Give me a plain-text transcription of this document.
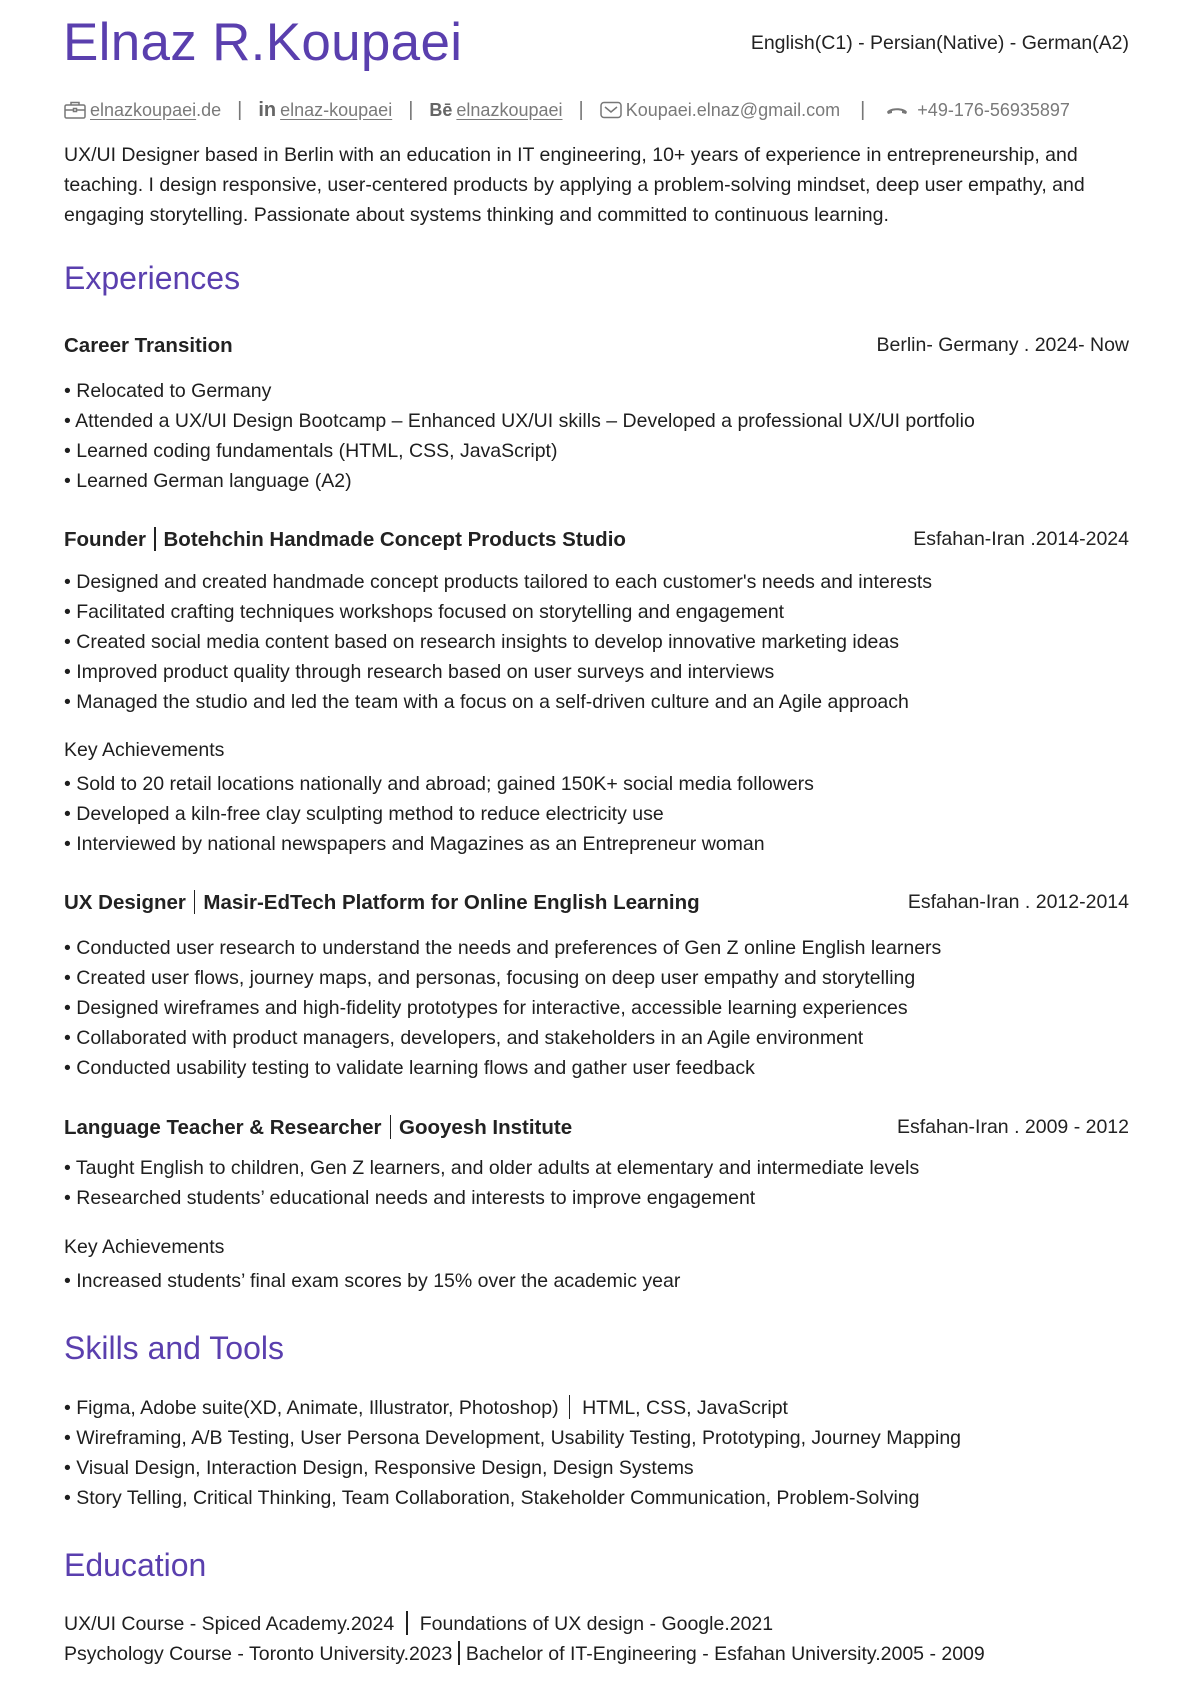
Elnaz R.Koupaei	English(C1) - Persian(Native) - German(A2)
elnazkoupaei.de | in elnaz-koupaei | Bē elnazkoupaei | Koupaei.elnaz@gmail.com |	+49-176-56935897
UX/UI Designer based in Berlin with an education in IT engineering, 10+ years of experience in entrepreneurship, and teaching. I design responsive, user-centered products by applying a problem-solving mindset, deep user empathy, and engaging storytelling. Passionate about systems thinking and committed to continuous learning.
Experiences
Career Transition	Berlin- Germany . 2024- Now
• Relocated to Germany
• Attended a UX/UI Design Bootcamp – Enhanced UX/UI skills – Developed a professional UX/UI portfolio
• Learned coding fundamentals (HTML, CSS, JavaScript)
• Learned German language (A2)
Founder Botehchin Handmade Concept Products Studio	Esfahan-Iran .2014-2024
• Designed and created handmade concept products tailored to each customer's needs and interests
• Facilitated crafting techniques workshops focused on storytelling and engagement
• Created social media content based on research insights to develop innovative marketing ideas
• Improved product quality through research based on user surveys and interviews
• Managed the studio and led the team with a focus on a self-driven culture and an Agile approach
Key Achievements
• Sold to 20 retail locations nationally and abroad; gained 150K+ social media followers
• Developed a kiln-free clay sculpting method to reduce electricity use
• Interviewed by national newspapers and Magazines as an Entrepreneur woman
UX Designer Masir-EdTech Platform for Online English Learning	Esfahan-Iran . 2012-2014
• Conducted user research to understand the needs and preferences of Gen Z online English learners
• Created user flows, journey maps, and personas, focusing on deep user empathy and storytelling
• Designed wireframes and high-fidelity prototypes for interactive, accessible learning experiences
• Collaborated with product managers, developers, and stakeholders in an Agile environment
• Conducted usability testing to validate learning flows and gather user feedback
Language Teacher & Researcher Gooyesh Institute	Esfahan-Iran . 2009 - 2012
• Taught English to children, Gen Z learners, and older adults at elementary and intermediate levels
• Researched students’ educational needs and interests to improve engagement
Key Achievements
• Increased students’ final exam scores by 15% over the academic year
Skills and Tools
• Figma, Adobe suite(XD, Animate, Illustrator, Photoshop) HTML, CSS, JavaScript
• Wireframing, A/B Testing, User Persona Development, Usability Testing, Prototyping, Journey Mapping
• Visual Design, Interaction Design, Responsive Design, Design Systems
• Story Telling, Critical Thinking, Team Collaboration, Stakeholder Communication, Problem-Solving
Education
UX/UI Course - Spiced Academy.2024 Foundations of UX design - Google.2021
Psychology Course - Toronto University.2023 Bachelor of IT-Engineering - Esfahan University.2005 - 2009
